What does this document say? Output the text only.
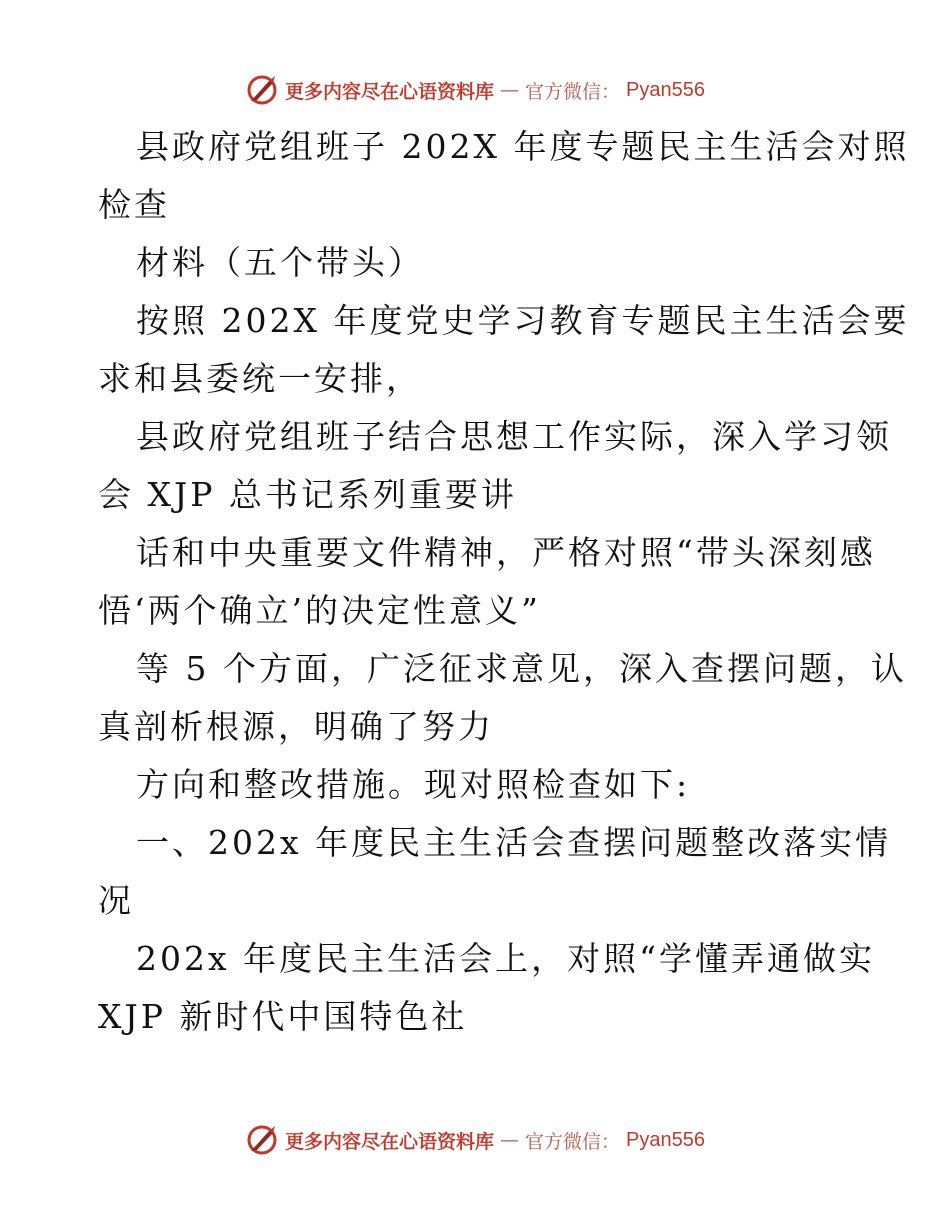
更多内容尽在心语资料库 — 官方微信： Pyan556
县政府党组班子 202X 年度专题民主生活会对照
检查
材料（五个带头）
按照 202X 年度党史学习教育专题民主生活会要
求和县委统一安排，
县政府党组班子结合思想工作实际，深入学习领
会 XJP 总书记系列重要讲
话和中央重要文件精神，严格对照“带头深刻感
悟‘两个确立’的决定性意义”
等 5 个方面，广泛征求意见，深入查摆问题，认
真剖析根源，明确了努力
方向和整改措施。现对照检查如下:
一、202x 年度民主生活会查摆问题整改落实情
况
202x 年度民主生活会上，对照“学懂弄通做实
XJP 新时代中国特色社
更多内容尽在心语资料库 — 官方微信： Pyan556
